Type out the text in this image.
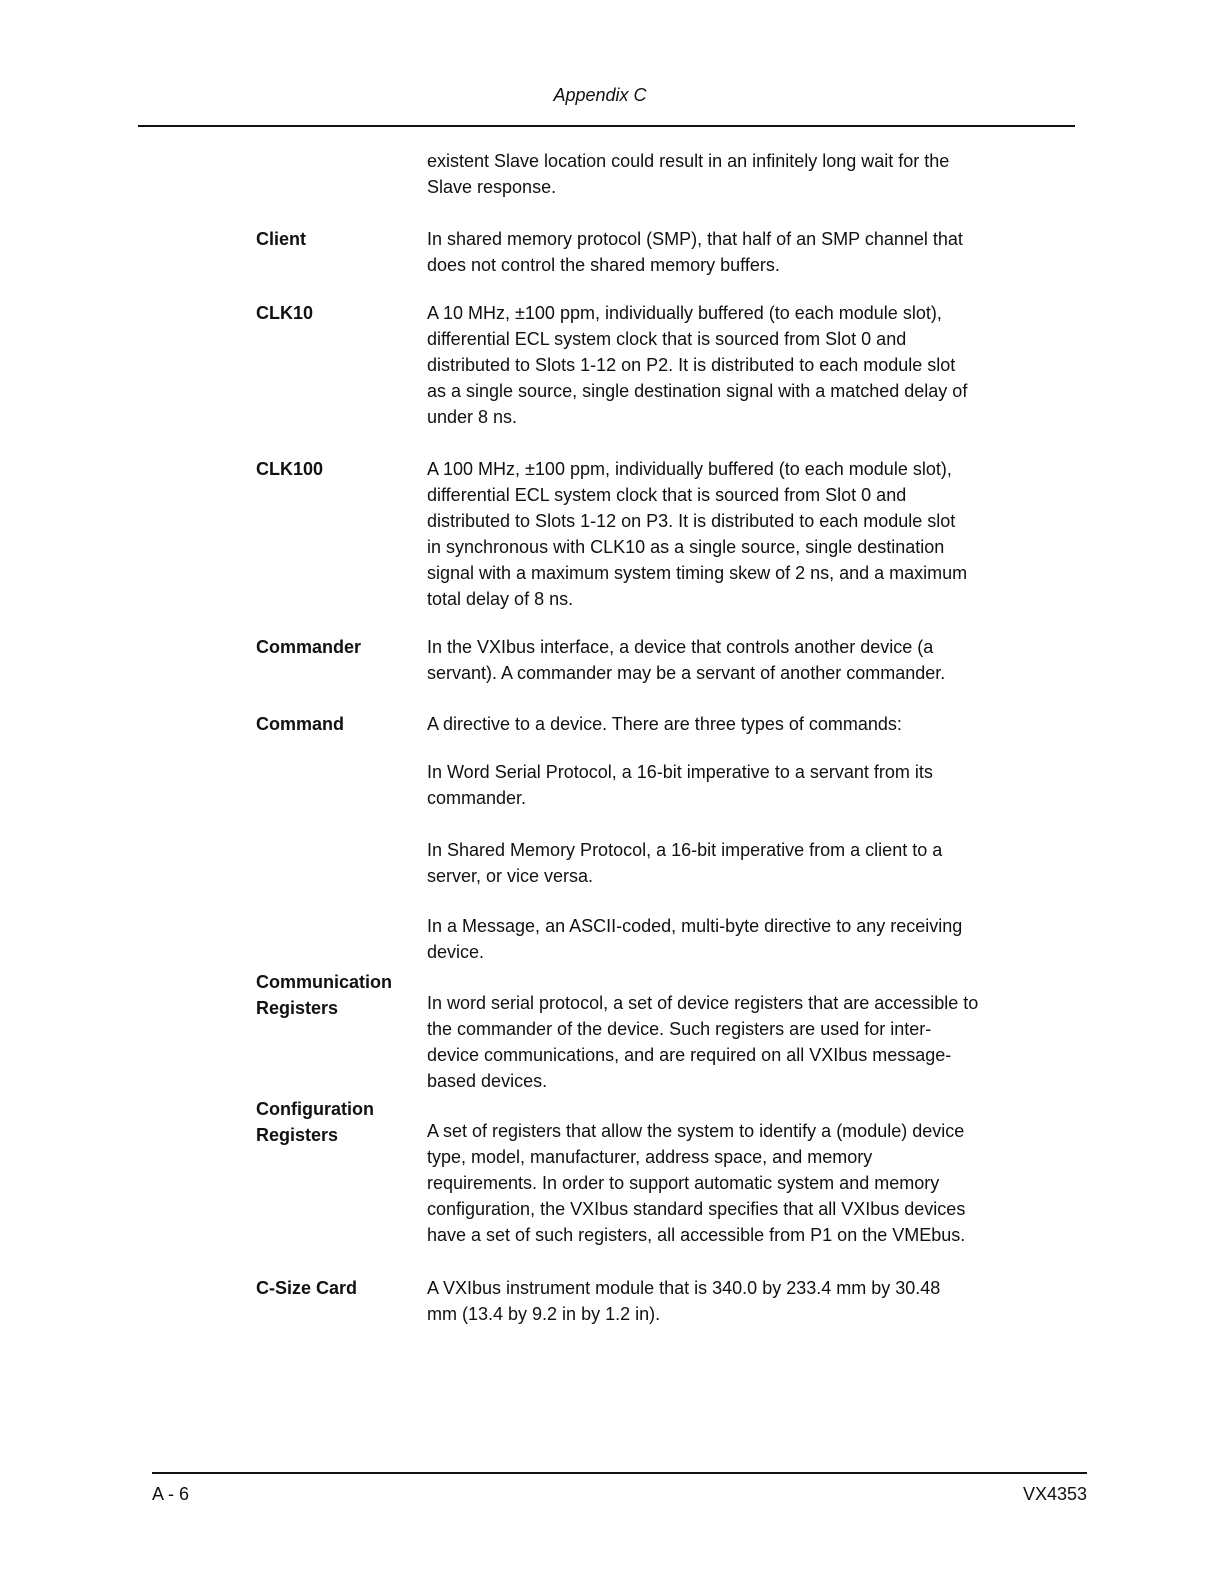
Appendix C
existent Slave location could result in an infinitely long wait for the
Slave response.
Client	In shared memory protocol (SMP), that half of an SMP channel that
does not control the shared memory buffers.
CLK10	A 10 MHz, ±100 ppm, individually buffered (to each module slot),
differential ECL system clock that is sourced from Slot 0 and
distributed to Slots 1-12 on P2. It is distributed to each module slot
as a single source, single destination signal with a matched delay of
under 8 ns.
CLK100	A 100 MHz, ±100 ppm, individually buffered (to each module slot),
differential ECL system clock that is sourced from Slot 0 and
distributed to Slots 1-12 on P3. It is distributed to each module slot
in synchronous with CLK10 as a single source, single destination
signal with a maximum system timing skew of 2 ns, and a maximum
total delay of 8 ns.
Commander	In the VXIbus interface, a device that controls another device (a
servant). A commander may be a servant of another commander.
Command	A directive to a device. There are three types of commands:
In Word Serial Protocol, a 16-bit imperative to a servant from its
commander.
In Shared Memory Protocol, a 16-bit imperative from a client to a
server, or vice versa.
In a Message, an ASCII-coded, multi-byte directive to any receiving
device.
Communication
Registers	In word serial protocol, a set of device registers that are accessible to
the commander of the device. Such registers are used for inter-
device communications, and are required on all VXIbus message-
based devices.
Configuration
Registers	A set of registers that allow the system to identify a (module) device
type, model, manufacturer, address space, and memory
requirements. In order to support automatic system and memory
configuration, the VXIbus standard specifies that all VXIbus devices
have a set of such registers, all accessible from P1 on the VMEbus.
C-Size Card	A VXIbus instrument module that is 340.0 by 233.4 mm by 30.48
mm (13.4 by 9.2 in by 1.2 in).
A - 6	VX4353
